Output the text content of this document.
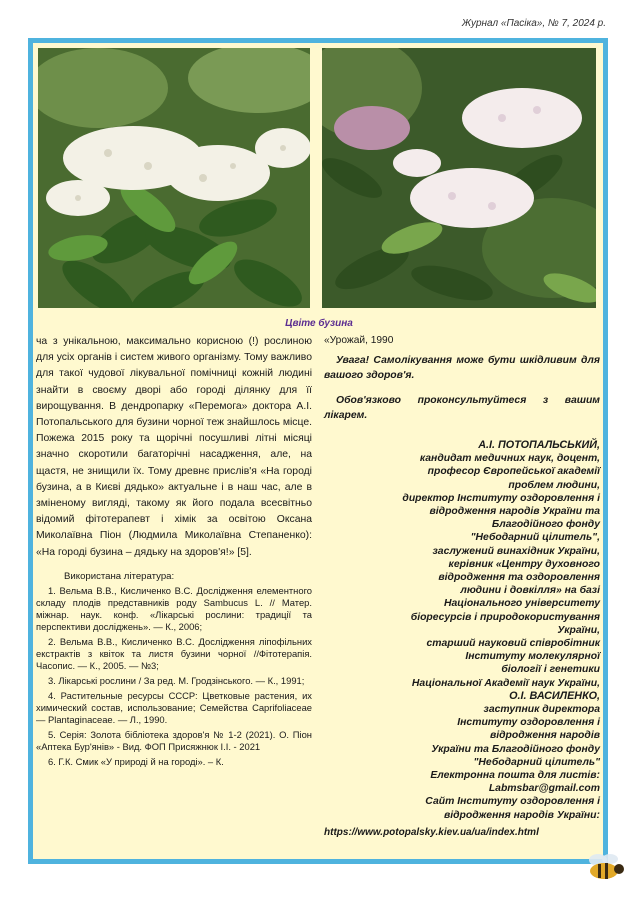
Журнал «Пасіка», № 7, 2024 р.
Цвіте бузина

ча з унікальною, максимально корисною (!) рослиною для усіх органів і систем живого організму. Тому важливо для такої чудової лікувальної помічниці кожній людині знайти в своєму дворі або городі ділянку для її вирощування. В дендропарку «Перемога» доктора А.І. Потопальського для бузини чорної теж знайшлось місце. Пожежа 2015 року та щорічні посушливі літні місяці значно скоротили багаторічні насадження, але, на щастя, не знищили їх. Тому древнє прислів'я «На городі бузина, а в Києві дядько» актуальне і в наш час, але в зміненому вигляді, такому як його подала всесвітньо відомий фітотерапевт і хімік за освітою Оксана Миколаївна Піон (Людмила Миколаївна Степаненко): «На городі бузина – дядьку на здоров'я!» [5].

Використана література:
1. Вельма В.В., Кисличенко В.С. Дослідження елементного складу плодів представників роду Sambucus L. // Матер. міжнар. наук. конф. «Лікарські рослини: традиції та перспективи досліджень». — К., 2006;
2. Вельма В.В., Кисличенко В.С. Дослідження ліпофільних екстрактів з квіток та листя бузини чорної //Фітотерапія. Часопис. — К., 2005. — №3;
3. Лікарські рослини / За ред. М. Гродзінського. — К., 1991;
4. Растительные ресурсы СССР: Цветковые растения, их химический состав, использование; Семейства Caprifoliaceae — Plantaginaceae. — Л., 1990.
5. Серія: Золота бібліотека здоров'я № 1-2 (2021). О. Піон «Аптека Бур'янів» - Вид. ФОП Присяжнюк І.І. - 2021
6. Г.К. Смик «У природі й на городі». – К.

«Урожай, 1990

Увага! Самолікування може бути шкідливим для вашого здоров'я.

Обов'язково проконсультуйтеся з вашим лікарем.

А.І. ПОТОПАЛЬСЬКИЙ,

кандидат медичних наук, доцент,

професор Європейської академії

проблем людини,

директор Інституту оздоровлення і

відродження народів України та

Благодійного фонду

"Небодарний цілитель",

заслужений винахідник України,

керівник «Центру духовного

відродження та оздоровлення

людини і довкілля» на базі

Національного університету

біоресурсів і природокористування

України,

старший науковий співробітник

Інституту молекулярної

біології і генетики

Національної Академії наук України,

О.І. ВАСИЛЕНКО,

заступник директора

Інституту оздоровлення і

відродження народів

України та Благодійного фонду

"Небодарний цілитель"

Електронна пошта для листів:

Labmsbar@gmail.com

Сайт Інституту оздоровлення і

відродження народів України:

https://www.potopalsky.kiev.ua/ua/index.html
